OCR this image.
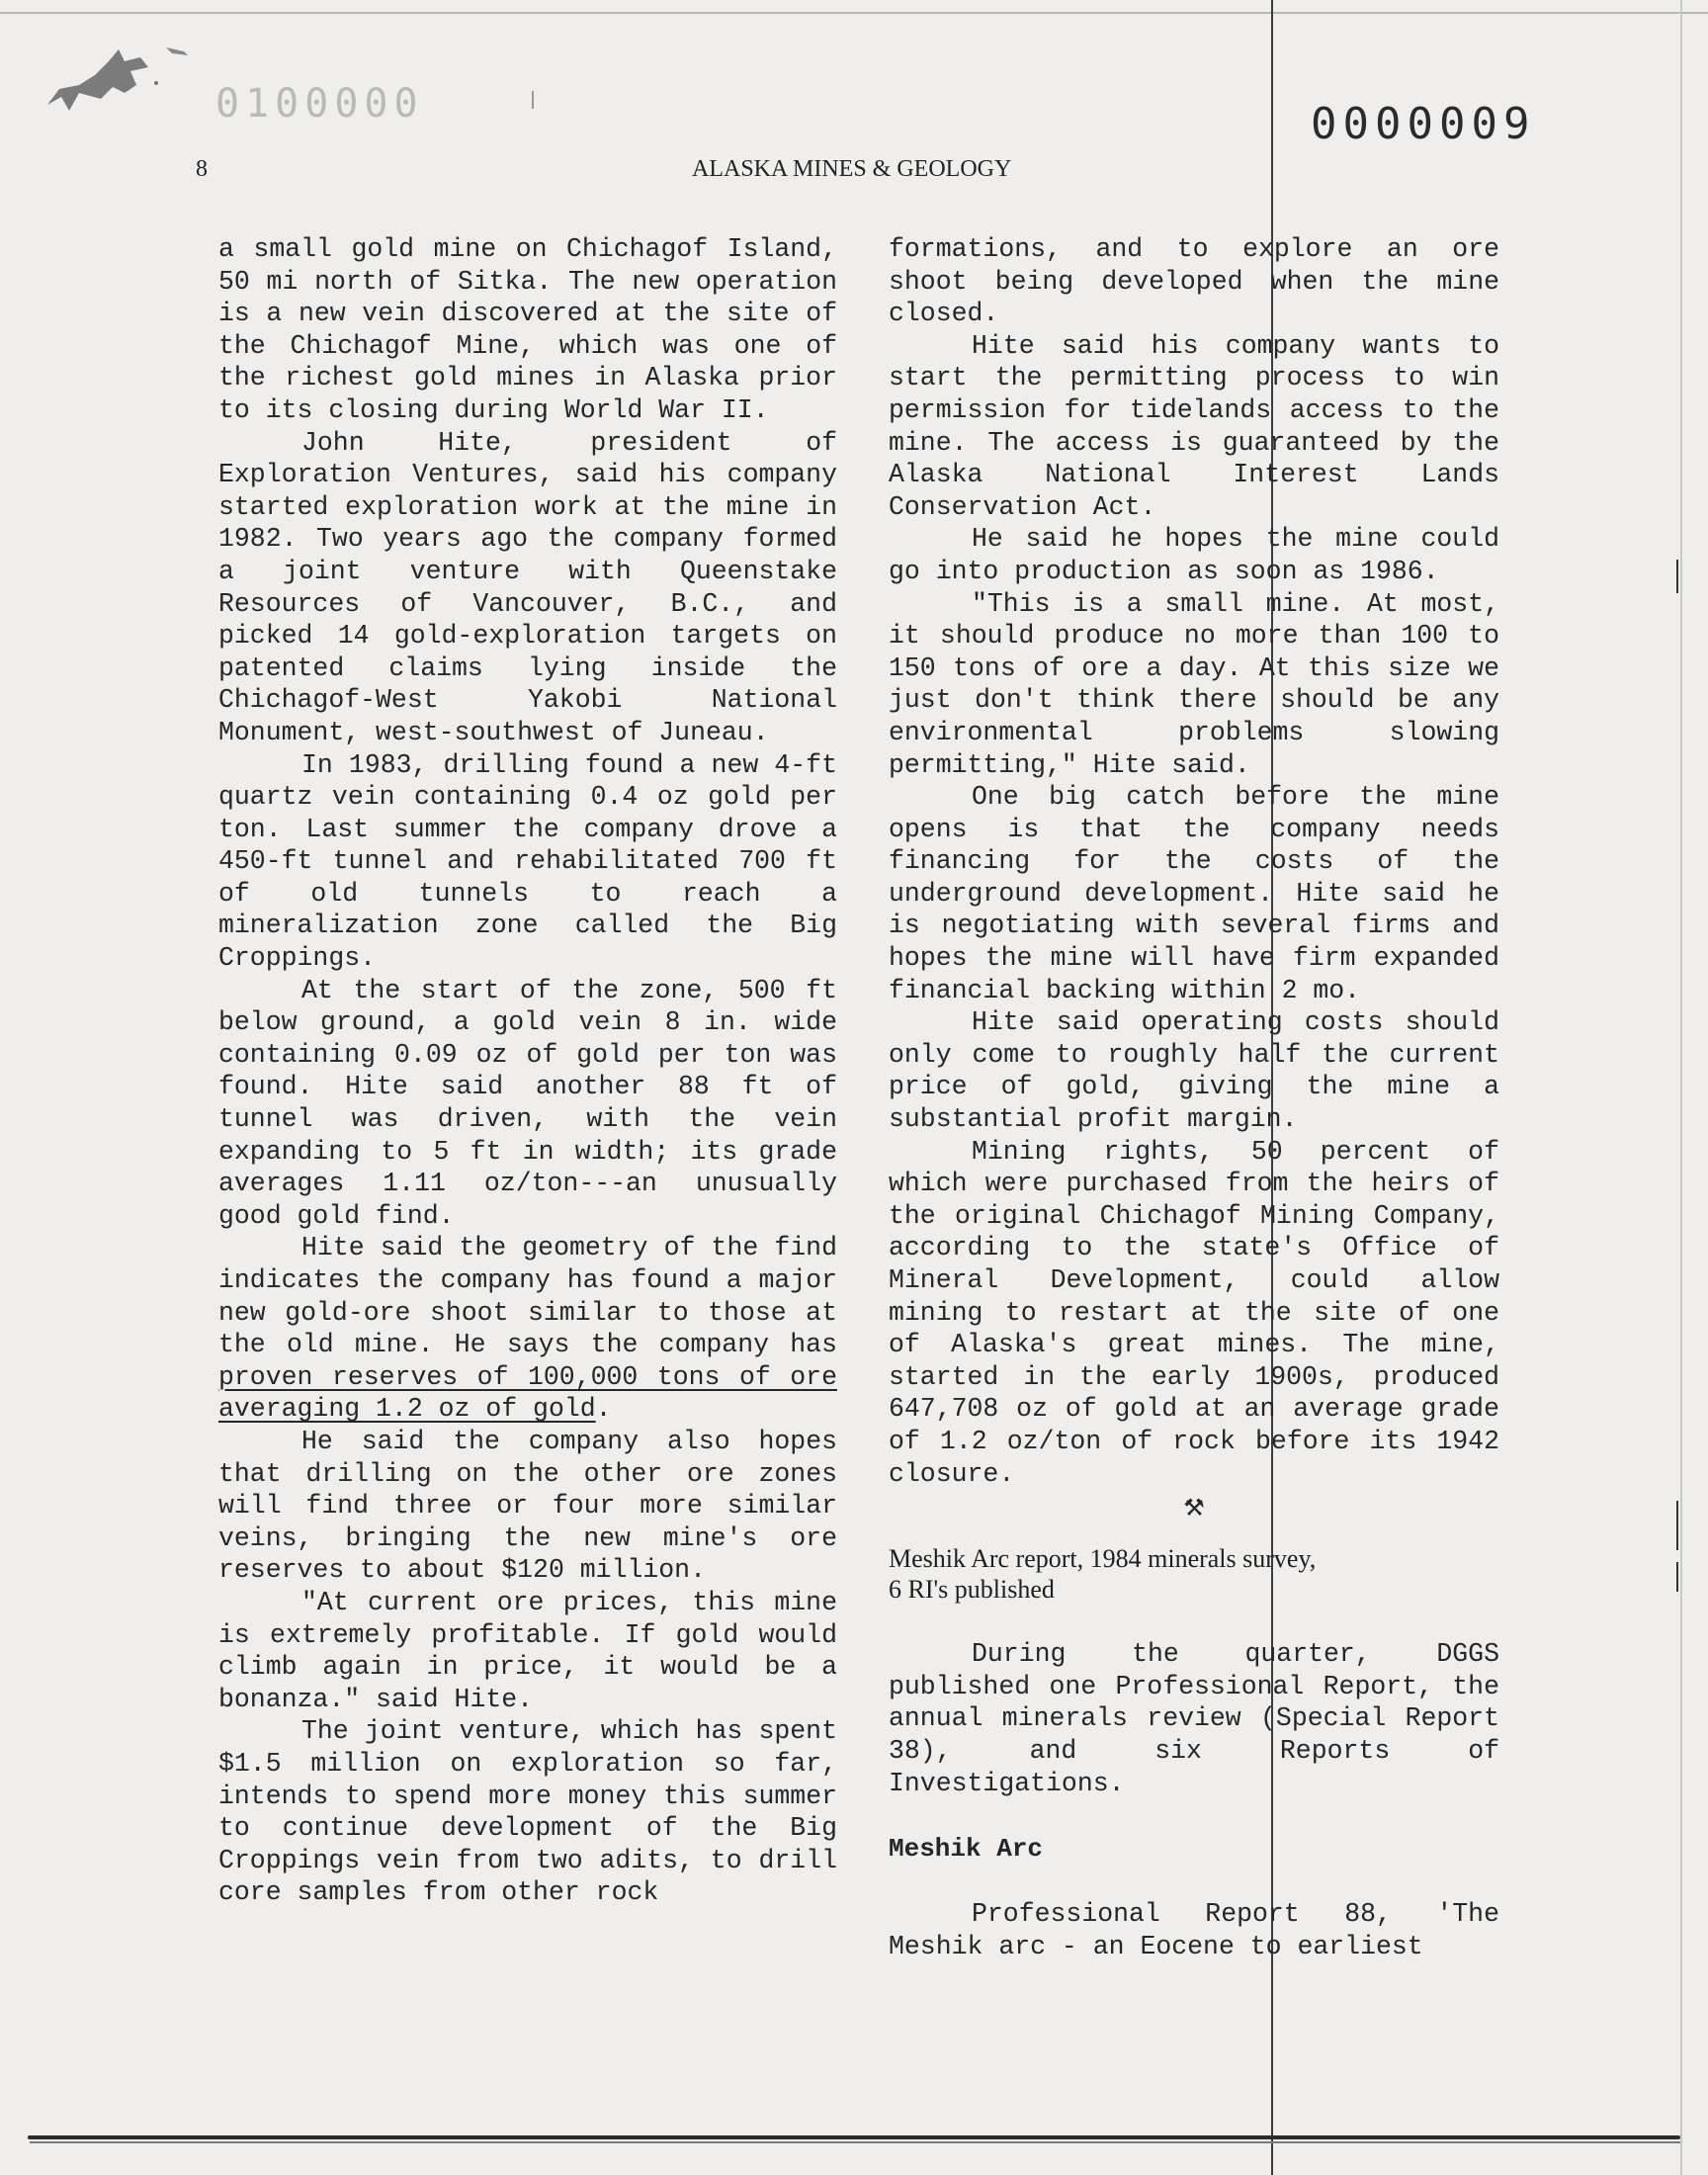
0100000	0000009
8	ALASKA MINES & GEOLOGY

a small gold mine on Chichagof Island, 50 mi north of Sitka. The new operation is a new vein discovered at the site of the Chichagof Mine, which was one of the richest gold mines in Alaska prior to its closing during World War II.

John Hite, president of Exploration Ventures, said his company started exploration work at the mine in 1982. Two years ago the company formed a joint venture with Queenstake Resources of Vancouver, B.C., and picked 14 gold-exploration targets on patented claims lying inside the Chichagof-West Yakobi National Monument, west-southwest of Juneau.

In 1983, drilling found a new 4-ft quartz vein containing 0.4 oz gold per ton. Last summer the company drove a 450-ft tunnel and rehabilitated 700 ft of old tunnels to reach a mineralization zone called the Big Croppings.

At the start of the zone, 500 ft below ground, a gold vein 8 in. wide containing 0.09 oz of gold per ton was found. Hite said another 88 ft of tunnel was driven, with the vein expanding to 5 ft in width; its grade averages 1.11 oz/ton---an unusually good gold find.

Hite said the geometry of the find indicates the company has found a major new gold-ore shoot similar to those at the old mine. He says the company has proven reserves of 100,000 tons of ore averaging 1.2 oz of gold.

He said the company also hopes that drilling on the other ore zones will find three or four more similar veins, bringing the new mine's ore reserves to about $120 million.

"At current ore prices, this mine is extremely profitable. If gold would climb again in price, it would be a bonanza." said Hite.

The joint venture, which has spent $1.5 million on exploration so far, intends to spend more money this summer to continue development of the Big Croppings vein from two adits, to drill core samples from other rock

formations, and to explore an ore shoot being developed when the mine closed.

Hite said his company wants to start the permitting process to win permission for tidelands access to the mine. The access is guaranteed by the Alaska National Interest Lands Conservation Act.

He said he hopes the mine could go into production as soon as 1986.

"This is a small mine. At most, it should produce no more than 100 to 150 tons of ore a day. At this size we just don't think there should be any environmental problems slowing permitting," Hite said.

One big catch before the mine opens is that the company needs financing for the costs of the underground development. Hite said he is negotiating with several firms and hopes the mine will have firm expanded financial backing within 2 mo.

Hite said operating costs should only come to roughly half the current price of gold, giving the mine a substantial profit margin.

Mining rights, 50 percent of which were purchased from the heirs of the original Chichagof Mining Company, according to the state's Office of Mineral Development, could allow mining to restart at the site of one of Alaska's great mines. The mine, started in the early 1900s, produced 647,708 oz of gold at an average grade of 1.2 oz/ton of rock before its 1942 closure.

⚒

Meshik Arc report, 1984 minerals survey,

6 RI's published

During the quarter, DGGS published one Professional Report, the annual minerals review (Special Report 38), and six Reports of Investigations.

Meshik Arc

Professional Report 88, 'The Meshik arc - an Eocene to earliest
